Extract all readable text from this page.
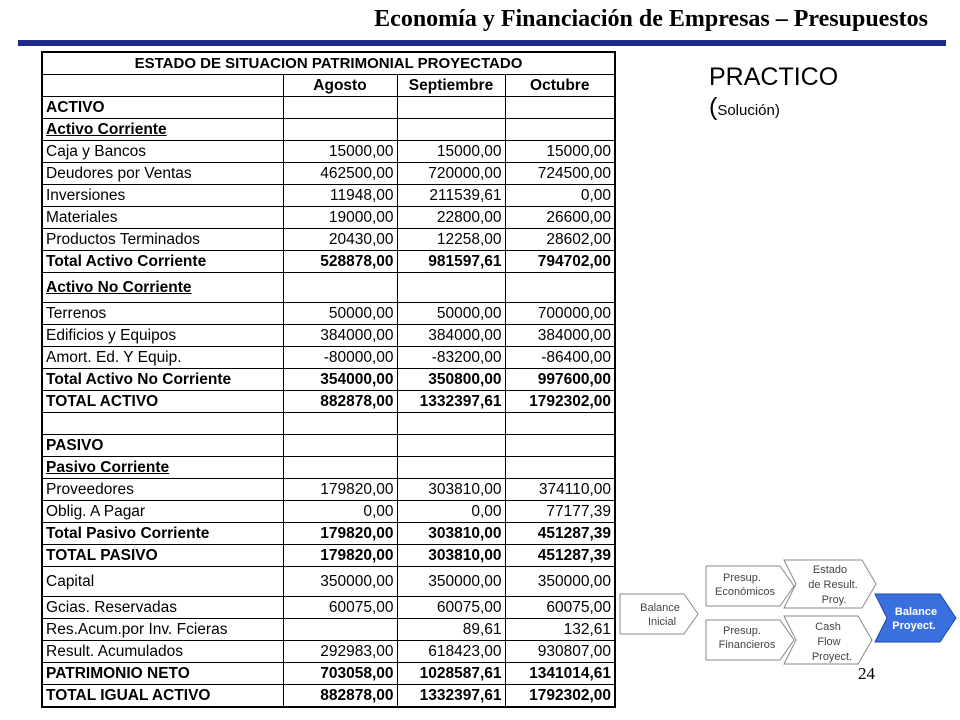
Economía y Financiación de Empresas – Presupuestos
ESTADO DE SITUACION PATRIMONIAL PROYECTADO			
	Agosto	Septiembre	Octubre
ACTIVO			
Activo Corriente			
Caja y Bancos	15000,00	15000,00	15000,00
Deudores por Ventas	462500,00	720000,00	724500,00
Inversiones	11948,00	211539,61	0,00
Materiales	19000,00	22800,00	26600,00
Productos Terminados	20430,00	12258,00	28602,00
Total Activo Corriente	528878,00	981597,61	794702,00
Activo No Corriente			
Terrenos	50000,00	50000,00	700000,00
Edificios y Equipos	384000,00	384000,00	384000,00
Amort. Ed. Y Equip.	-80000,00	-83200,00	-86400,00
Total Activo No Corriente	354000,00	350800,00	997600,00
TOTAL ACTIVO	882878,00	1332397,61	1792302,00

PASIVO			
Pasivo Corriente			
Proveedores	179820,00	303810,00	374110,00
Oblig. A Pagar	0,00	0,00	77177,39
Total Pasivo Corriente	179820,00	303810,00	451287,39
TOTAL PASIVO	179820,00	303810,00	451287,39
Capital	350000,00	350000,00	350000,00
Gcias. Reservadas	60075,00	60075,00	60075,00
Res.Acum.por Inv. Fcieras		89,61	132,61
Result. Acumulados	292983,00	618423,00	930807,00
PATRIMONIO NETO	703058,00	1028587,61	1341014,61
TOTAL IGUAL ACTIVO	882878,00	1332397,61	1792302,00
PRACTICO
(Solución)
Balance
Inicial
Presup.
Económicos
Presup.
Financieros
Estado
de Result.
Proy.
Cash
Flow
Proyect.
Balance
Proyect.
24
